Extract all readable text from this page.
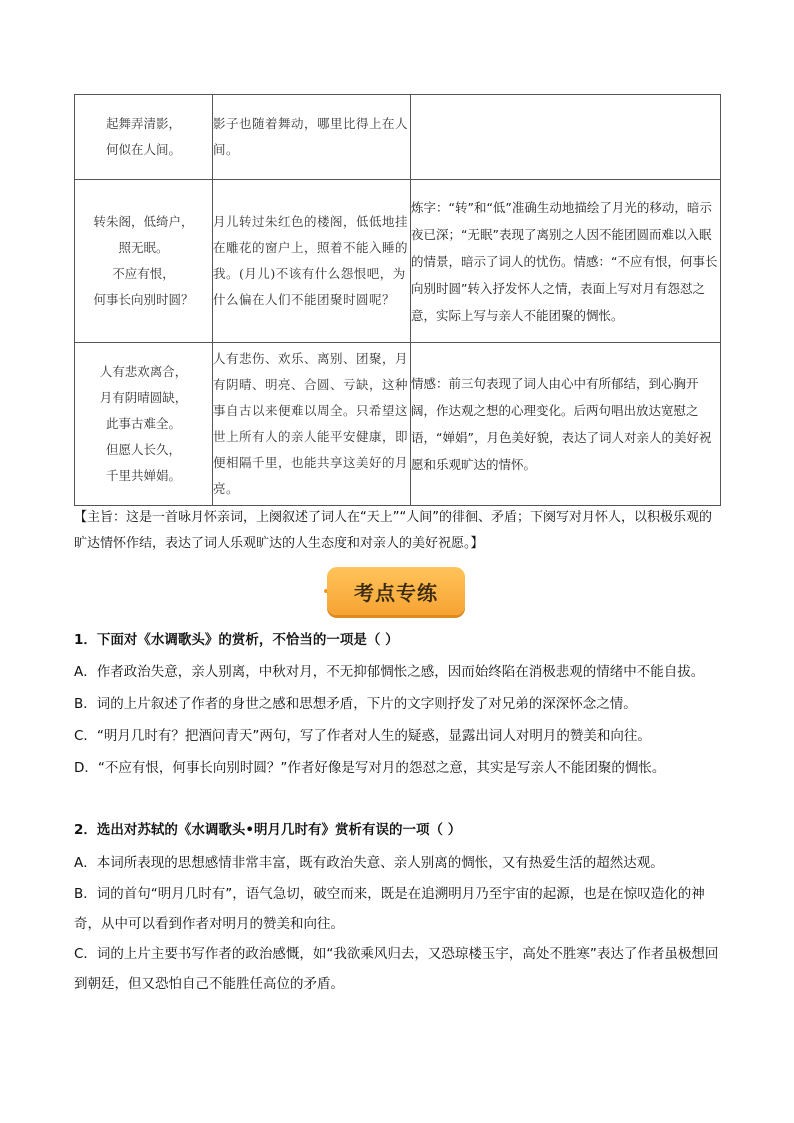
起舞弄清影，
何似在人间。	影子也随着舞动，哪里比得上在人间。	

转朱阁，低绮户，
照无眠。
不应有恨，
何事长向别时圆？	月儿转过朱红色的楼阁，低低地挂在雕花的窗户上，照着不能入睡的我。(月儿)不该有什么怨恨吧，为什么偏在人们不能团聚时圆呢？	炼字：“转”和“低”准确生动地描绘了月光的移动，暗示夜已深；“无眠”表现了离别之人因不能团圆而难以入眠的情景，暗示了词人的忧伤。情感：“不应有恨，何事长向别时圆”转入抒发怀人之情，表面上写对月有怨怼之意，实际上写与亲人不能团聚的惆怅。

人有悲欢离合，
月有阴晴圆缺，
此事古难全。
但愿人长久，
千里共婵娟。	人有悲伤、欢乐、离别、团聚，月有阴晴、明亮、合圆、亏缺，这种事自古以来便难以周全。只希望这世上所有人的亲人能平安健康，即便相隔千里，也能共享这美好的月亮。	情感：前三句表现了词人由心中有所郁结，到心胸开阔，作达观之想的心理变化。后两句唱出放达宽慰之语，“婵娟”，月色美好貌，表达了词人对亲人的美好祝愿和乐观旷达的情怀。
【主旨：这是一首咏月怀亲词，上阕叙述了词人在“天上”“人间”的徘徊、矛盾；下阕写对月怀人，以积极乐观的旷达情怀作结，表达了词人乐观旷达的人生态度和对亲人的美好祝愿。】
考点专练
1．下面对《水调歌头》的赏析，不恰当的一项是（ ）
A．作者政治失意，亲人别离，中秋对月，不无抑郁惆怅之感，因而始终陷在消极悲观的情绪中不能自拔。
B．词的上片叙述了作者的身世之感和思想矛盾，下片的文字则抒发了对兄弟的深深怀念之情。
C．“明月几时有？把酒问青天”两句，写了作者对人生的疑惑，显露出词人对明月的赞美和向往。
D．“不应有恨，何事长向别时圆？”作者好像是写对月的怨怼之意，其实是写亲人不能团聚的惆怅。
2．选出对苏轼的《水调歌头•明月几时有》赏析有误的一项（ ）
A．本词所表现的思想感情非常丰富，既有政治失意、亲人别离的惆怅，又有热爱生活的超然达观。
B．词的首句“明月几时有”，语气急切，破空而来，既是在追溯明月乃至宇宙的起源，也是在惊叹造化的神奇，从中可以看到作者对明月的赞美和向往。
C．词的上片主要书写作者的政治感慨，如“我欲乘风归去，又恐琼楼玉宇，高处不胜寒”表达了作者虽极想回到朝廷，但又恐怕自己不能胜任高位的矛盾。
